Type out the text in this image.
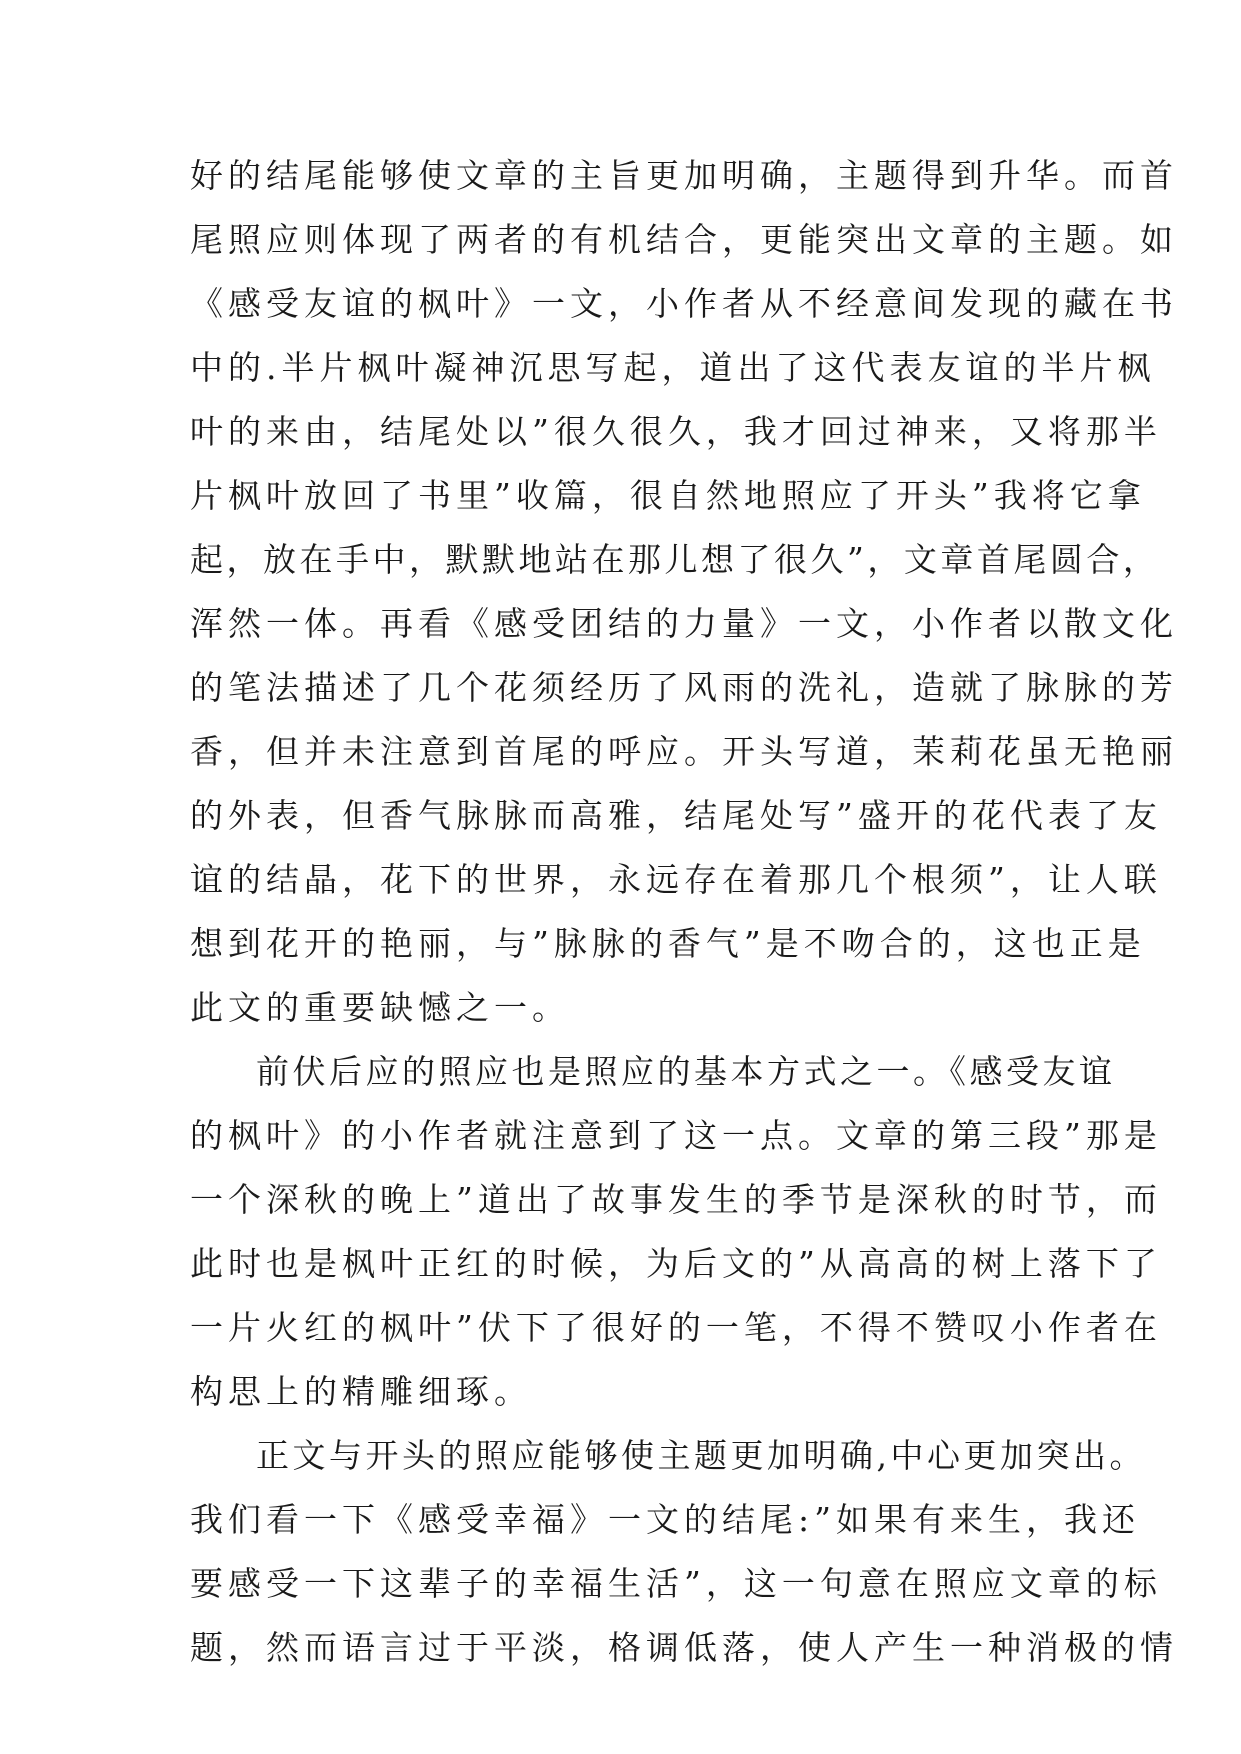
好的结尾能够使文章的主旨更加明确，主题得到升华。而首
尾照应则体现了两者的有机结合，更能突出文章的主题。如
《感受友谊的枫叶》一文，小作者从不经意间发现的藏在书
中的.半片枫叶凝神沉思写起，道出了这代表友谊的半片枫
叶的来由，结尾处以”很久很久，我才回过神来，又将那半
片枫叶放回了书里”收篇，很自然地照应了开头”我将它拿
起，放在手中，默默地站在那儿想了很久”，文章首尾圆合，
浑然一体。再看《感受团结的力量》一文，小作者以散文化
的笔法描述了几个花须经历了风雨的洗礼，造就了脉脉的芳
香，但并未注意到首尾的呼应。开头写道，茉莉花虽无艳丽
的外表，但香气脉脉而高雅，结尾处写”盛开的花代表了友
谊的结晶，花下的世界，永远存在着那几个根须”，让人联
想到花开的艳丽，与”脉脉的香气”是不吻合的，这也正是
此文的重要缺憾之一。
前伏后应的照应也是照应的基本方式之一。《感受友谊
的枫叶》的小作者就注意到了这一点。文章的第三段”那是
一个深秋的晚上”道出了故事发生的季节是深秋的时节，而
此时也是枫叶正红的时候，为后文的”从高高的树上落下了
一片火红的枫叶”伏下了很好的一笔，不得不赞叹小作者在
构思上的精雕细琢。
正文与开头的照应能够使主题更加明确,中心更加突出。
我们看一下《感受幸福》一文的结尾:”如果有来生，我还
要感受一下这辈子的幸福生活”，这一句意在照应文章的标
题，然而语言过于平淡，格调低落，使人产生一种消极的情
